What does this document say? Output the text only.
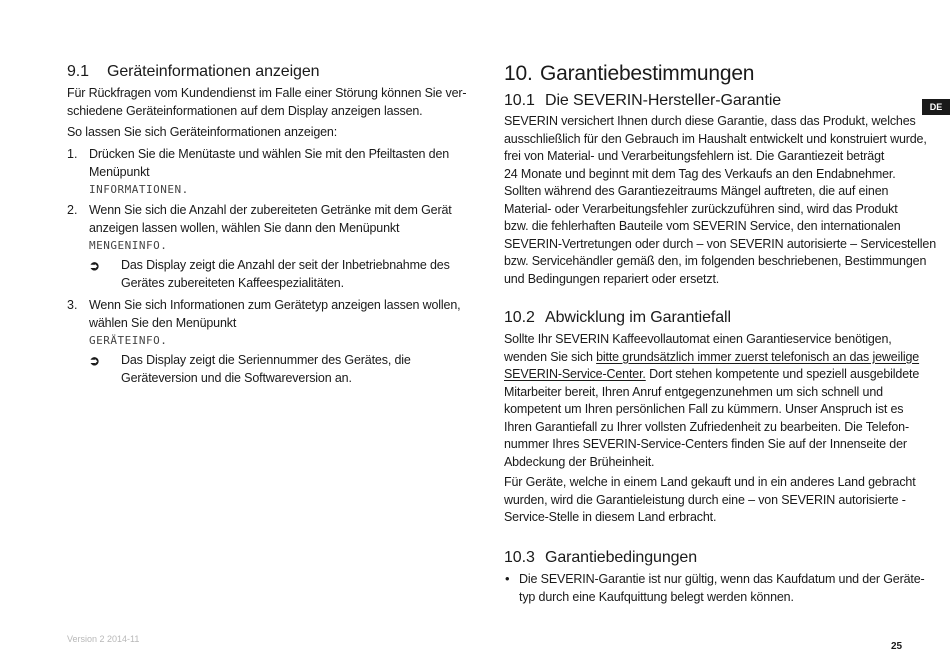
9.1 Geräteinformationen anzeigen
Für Rückfragen vom Kundendienst im Falle einer Störung können Sie ver-
schiedene Geräteinformationen auf dem Display anzeigen lassen.
So lassen Sie sich Geräteinformationen anzeigen:
1. Drücken Sie die Menütaste und wählen Sie mit den Pfeiltasten den
Menüpunkt
INFORMATIONEN.
2. Wenn Sie sich die Anzahl der zubereiteten Getränke mit dem Gerät
anzeigen lassen wollen, wählen Sie dann den Menüpunkt
MENGENINFO.
➲ Das Display zeigt die Anzahl der seit der Inbetriebnahme des
Gerätes zubereiteten Kaffeespezialitäten.
3. Wenn Sie sich Informationen zum Gerätetyp anzeigen lassen wollen,
wählen Sie den Menüpunkt
GERÄTEINFO.
➲ Das Display zeigt die Seriennummer des Gerätes, die
Geräteversion und die Softwareversion an.
10. Garantiebestimmungen
10.1 Die SEVERIN-Hersteller-Garantie
SEVERIN versichert Ihnen durch diese Garantie, dass das Produkt, welches
ausschließlich für den Gebrauch im Haushalt entwickelt und konstruiert wurde,
frei von Material- und Verarbeitungsfehlern ist. Die Garantiezeit beträgt
24 Monate und beginnt mit dem Tag des Verkaufs an den Endabnehmer.
Sollten während des Garantiezeitraums Mängel auftreten, die auf einen
Material- oder Verarbeitungsfehler zurückzuführen sind, wird das Produkt
bzw. die fehlerhaften Bauteile vom SEVERIN Service, den internationalen
SEVERIN-Vertretungen oder durch – von SEVERIN autorisierte – Servicestellen
bzw. Servicehändler gemäß den, im folgenden beschriebenen, Bestimmungen
und Bedingungen repariert oder ersetzt.
10.2 Abwicklung im Garantiefall
Sollte Ihr SEVERIN Kaffeevollautomat einen Garantieservice benötigen,
wenden Sie sich bitte grundsätzlich immer zuerst telefonisch an das jeweilige
SEVERIN-Service-Center. Dort stehen kompetente und speziell ausgebildete
Mitarbeiter bereit, Ihren Anruf entgegenzunehmen um sich schnell und
kompetent um Ihren persönlichen Fall zu kümmern. Unser Anspruch ist es
Ihren Garantiefall zu Ihrer vollsten Zufriedenheit zu bearbeiten. Die Telefon-
nummer Ihres SEVERIN-Service-Centers finden Sie auf der Innenseite der
Abdeckung der Brüheinheit.
Für Geräte, welche in einem Land gekauft und in ein anderes Land gebracht
wurden, wird die Garantieleistung durch eine – von SEVERIN autorisierte -
Service-Stelle in diesem Land erbracht.
10.3 Garantiebedingungen
• Die SEVERIN-Garantie ist nur gültig, wenn das Kaufdatum und der Geräte-
typ durch eine Kaufquittung belegt werden können.
DE
Version 2 2014-11
25
